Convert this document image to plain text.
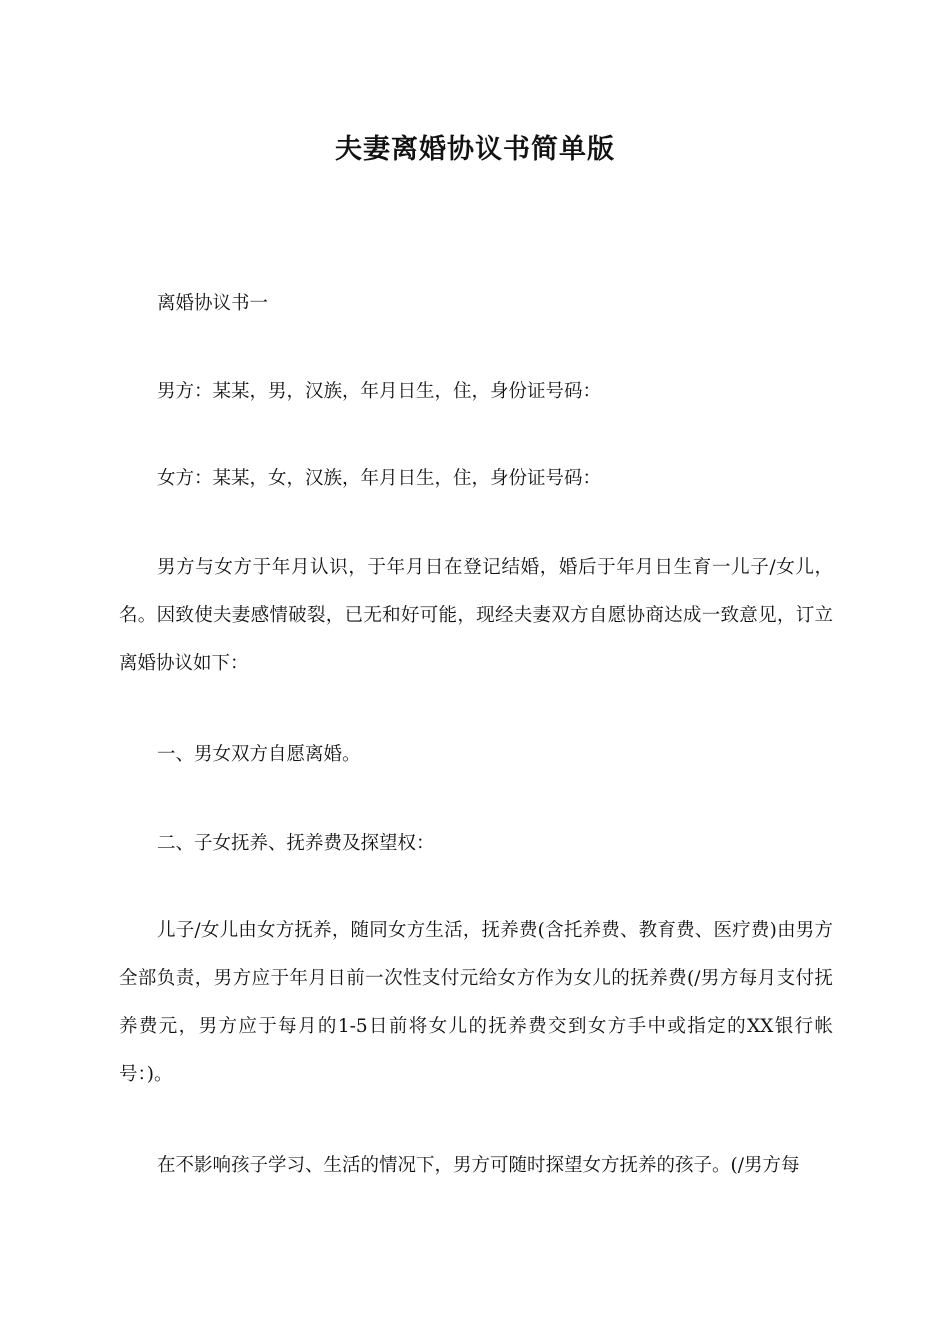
夫妻离婚协议书简单版

离婚协议书一

男方：某某，男，汉族，年月日生，住，身份证号码：

女方：某某，女，汉族，年月日生，住，身份证号码：

男方与女方于年月认识，于年月日在登记结婚，婚后于年月日生育一儿子/女儿，名。因致使夫妻感情破裂，已无和好可能，现经夫妻双方自愿协商达成一致意见，订立离婚协议如下：

一、男女双方自愿离婚。

二、子女抚养、抚养费及探望权：

儿子/女儿由女方抚养，随同女方生活，抚养费(含托养费、教育费、医疗费)由男方全部负责，男方应于年月日前一次性支付元给女方作为女儿的抚养费(/男方每月支付抚养费元，男方应于每月的1-5日前将女儿的抚养费交到女方手中或指定的XX银行帐号：)。

在不影响孩子学习、生活的情况下，男方可随时探望女方抚养的孩子。(/男方每
